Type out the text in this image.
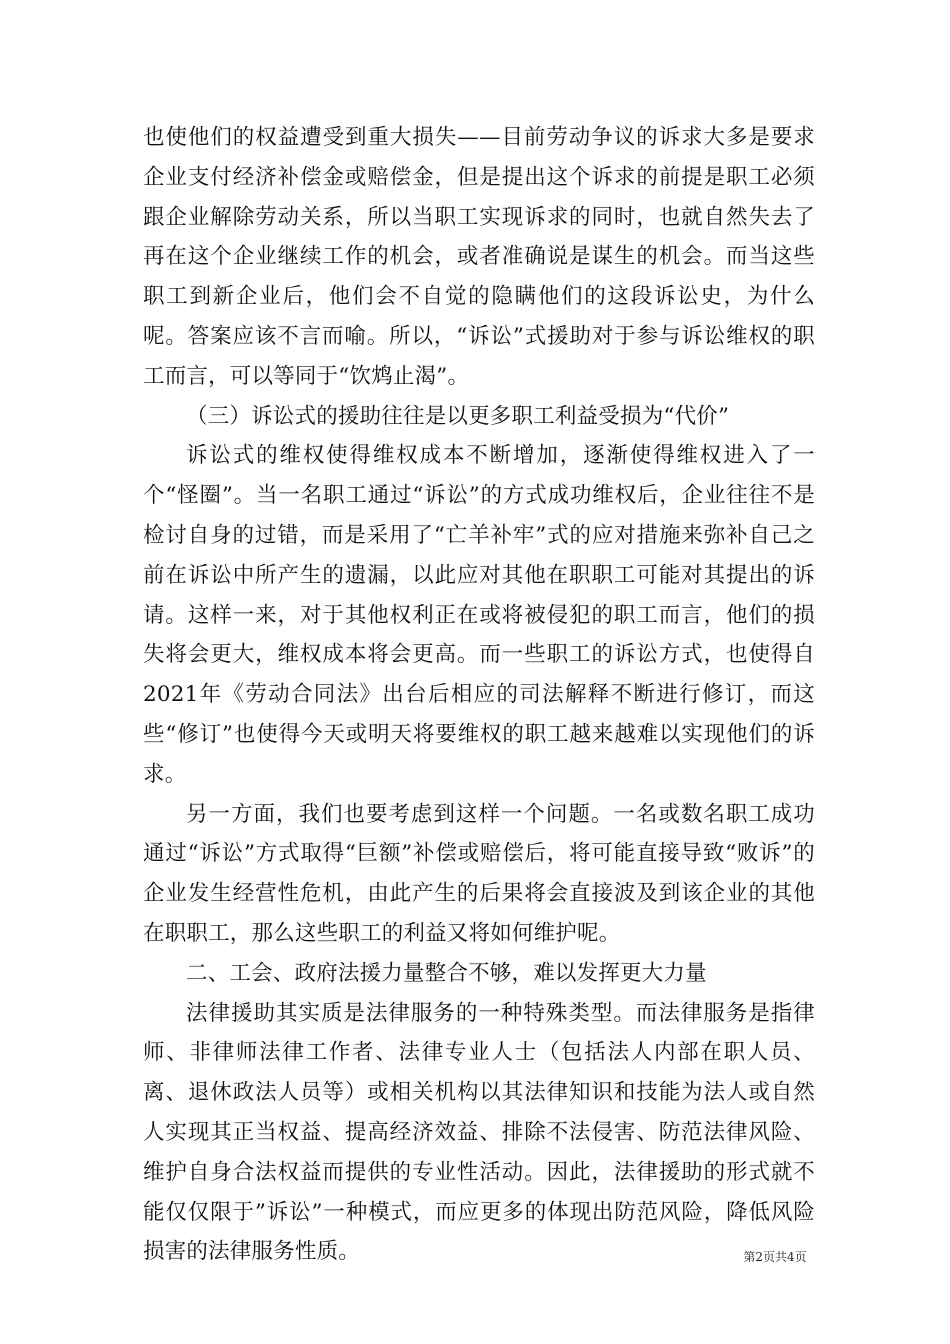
也使他们的权益遭受到重大损失——目前劳动争议的诉求大多是要求企业支付经济补偿金或赔偿金，但是提出这个诉求的前提是职工必须跟企业解除劳动关系，所以当职工实现诉求的同时，也就自然失去了再在这个企业继续工作的机会，或者准确说是谋生的机会。而当这些职工到新企业后，他们会不自觉的隐瞒他们的这段诉讼史，为什么呢。答案应该不言而喻。所以，“诉讼”式援助对于参与诉讼维权的职工而言，可以等同于“饮鸩止渴”。

（三）诉讼式的援助往往是以更多职工利益受损为“代价”

诉讼式的维权使得维权成本不断增加，逐渐使得维权进入了一个“怪圈”。当一名职工通过“诉讼”的方式成功维权后，企业往往不是检讨自身的过错，而是采用了“亡羊补牢”式的应对措施来弥补自己之前在诉讼中所产生的遗漏，以此应对其他在职职工可能对其提出的诉请。这样一来，对于其他权利正在或将被侵犯的职工而言，他们的损失将会更大，维权成本将会更高。而一些职工的诉讼方式，也使得自2021年《劳动合同法》出台后相应的司法解释不断进行修订，而这些“修订”也使得今天或明天将要维权的职工越来越难以实现他们的诉求。

另一方面，我们也要考虑到这样一个问题。一名或数名职工成功通过“诉讼”方式取得“巨额”补偿或赔偿后，将可能直接导致“败诉”的企业发生经营性危机，由此产生的后果将会直接波及到该企业的其他在职职工，那么这些职工的利益又将如何维护呢。

二、工会、政府法援力量整合不够，难以发挥更大力量

法律援助其实质是法律服务的一种特殊类型。而法律服务是指律师、非律师法律工作者、法律专业人士（包括法人内部在职人员、离、退休政法人员等）或相关机构以其法律知识和技能为法人或自然人实现其正当权益、提高经济效益、排除不法侵害、防范法律风险、维护自身合法权益而提供的专业性活动。因此，法律援助的形式就不能仅仅限于”诉讼”一种模式，而应更多的体现出防范风险，降低风险损害的法律服务性质。	第2页共4页
